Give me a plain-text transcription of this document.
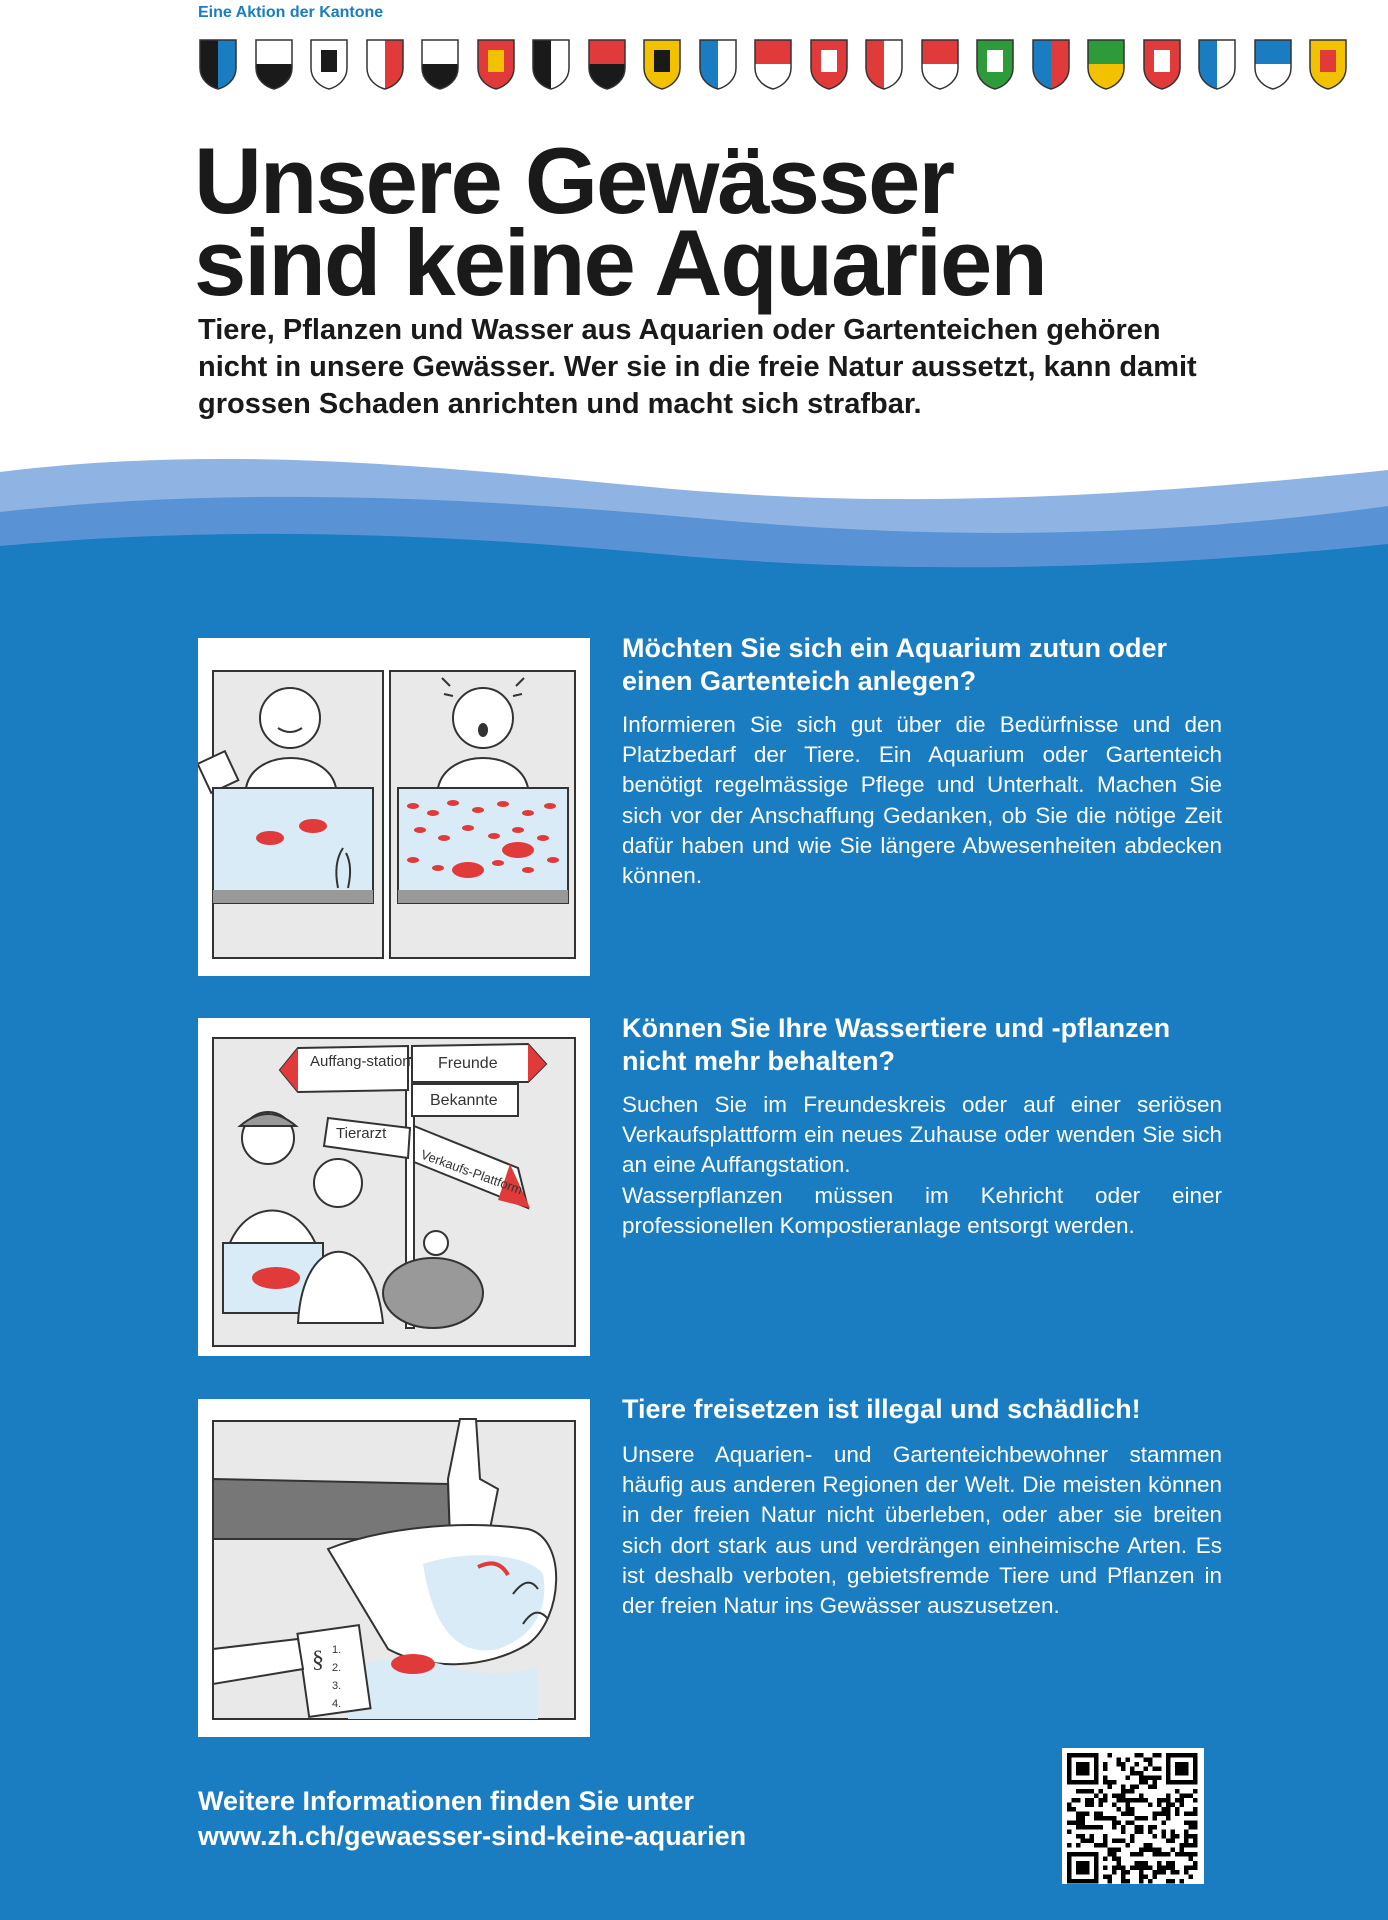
Eine Aktion der Kantone
Unsere Gewässer
sind keine Aquarien

Tiere, Pflanzen und Wasser aus Aquarien oder Gartenteichen gehören nicht in unsere Gewässer. Wer sie in die freie Natur aussetzt, kann damit grossen Schaden anrichten und macht sich strafbar.

Möchten Sie sich ein Aquarium zutun oder einen Gartenteich anlegen?

Informieren Sie sich gut über die Bedürfnisse und den Platzbedarf der Tiere. Ein Aquarium oder Gartenteich benötigt regelmässige Pflege und Unterhalt. Machen Sie sich vor der Anschaffung Gedanken, ob Sie die nötige Zeit dafür haben und wie Sie längere Abwesenheiten abdecken können.

Auffang-station Freunde
Bekannte
Tierarzt
Verkaufs-Plattform
Können Sie Ihre Wassertiere und -pflanzen nicht mehr behalten?

Suchen Sie im Freundeskreis oder auf einer seriösen Verkaufsplattform ein neues Zuhause oder wenden Sie sich an eine Auffangstation.

Wasserpflanzen müssen im Kehricht oder einer professionellen Kompostieranlage entsorgt werden.

§ 1.
2.
3.
4.
Tiere freisetzen ist illegal und schädlich!

Unsere Aquarien- und Gartenteichbewohner stammen häufig aus anderen Regionen der Welt. Die meisten können in der freien Natur nicht überleben, oder aber sie breiten sich dort stark aus und verdrängen einheimische Arten. Es ist deshalb verboten, gebietsfremde Tiere und Pflanzen in der freien Natur ins Gewässer auszusetzen.

Weitere Informationen finden Sie unter
www.zh.ch/gewaesser-sind-keine-aquarien
